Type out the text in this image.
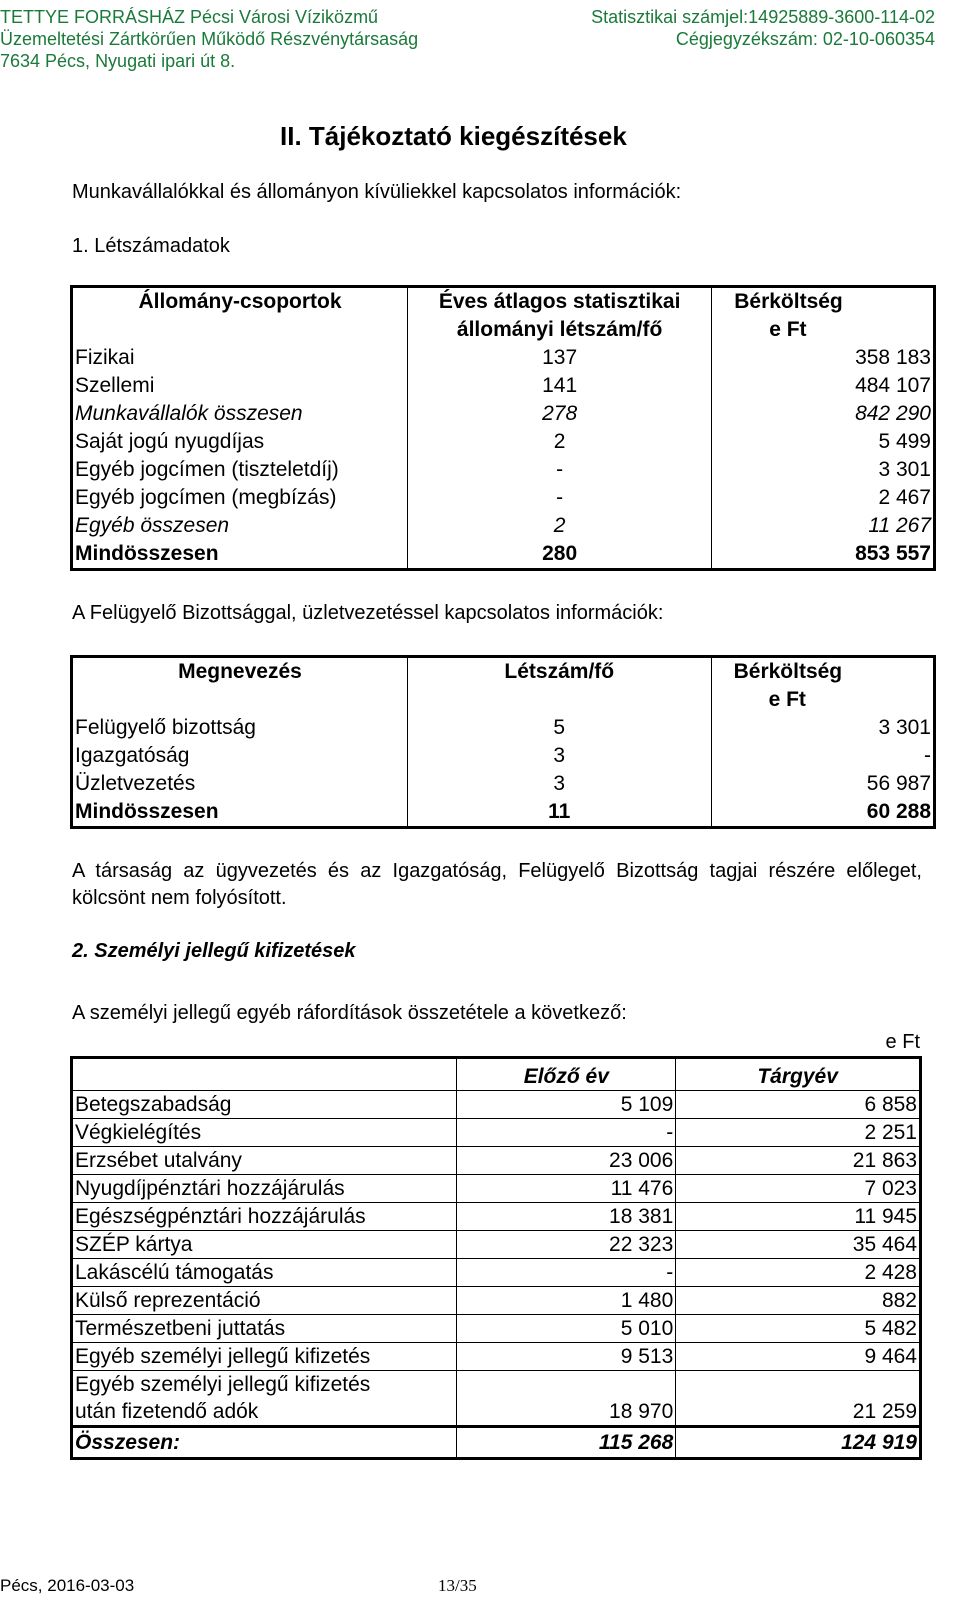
TETTYE FORRÁSHÁZ Pécsi Városi Víziközmű
Üzemeltetési Zártkörűen Működő Részvénytársaság
7634 Pécs, Nyugati ipari út 8.
Statisztikai számjel:14925889-3600-114-02
Cégjegyzékszám: 02-10-060354
II. Tájékoztató kiegészítések
Munkavállalókkal és állományon kívüliekkel kapcsolatos információk:
1. Létszámadatok
Állomány-csoportok	Éves átlagos statisztikai	Bérköltség
	állományi létszám/fő	e Ft
Fizikai	137	358 183
Szellemi	141	484 107
Munkavállalók összesen	278	842 290
Saját jogú nyugdíjas	2	5 499
Egyéb jogcímen (tiszteletdíj)	-	3 301
Egyéb jogcímen (megbízás)	-	2 467
Egyéb összesen	2	11 267
Mindösszesen	280	853 557
A Felügyelő Bizottsággal, üzletvezetéssel kapcsolatos információk:
Megnevezés	Létszám/fő	Bérköltség
		e Ft
Felügyelő bizottság	5	3 301
Igazgatóság	3	-
Üzletvezetés	3	56 987
Mindösszesen	11	60 288
A társaság az ügyvezetés és az Igazgatóság, Felügyelő Bizottság tagjai részére előleget, kölcsönt nem folyósított.
2. Személyi jellegű kifizetések
A személyi jellegű egyéb ráfordítások összetétele a következő:
e Ft
	Előző év	Tárgyév
Betegszabadság	5 109	6 858
Végkielégítés	-	2 251
Erzsébet utalvány	23 006	21 863
Nyugdíjpénztári hozzájárulás	11 476	7 023
Egészségpénztári hozzájárulás	18 381	11 945
SZÉP kártya	22 323	35 464
Lakáscélú támogatás	-	2 428
Külső reprezentáció	1 480	882
Természetbeni juttatás	5 010	5 482
Egyéb személyi jellegű kifizetés	9 513	9 464
Egyéb személyi jellegű kifizetés		
után fizetendő adók	18 970	21 259
Összesen:	115 268	124 919
Pécs, 2016-03-03	13/35
